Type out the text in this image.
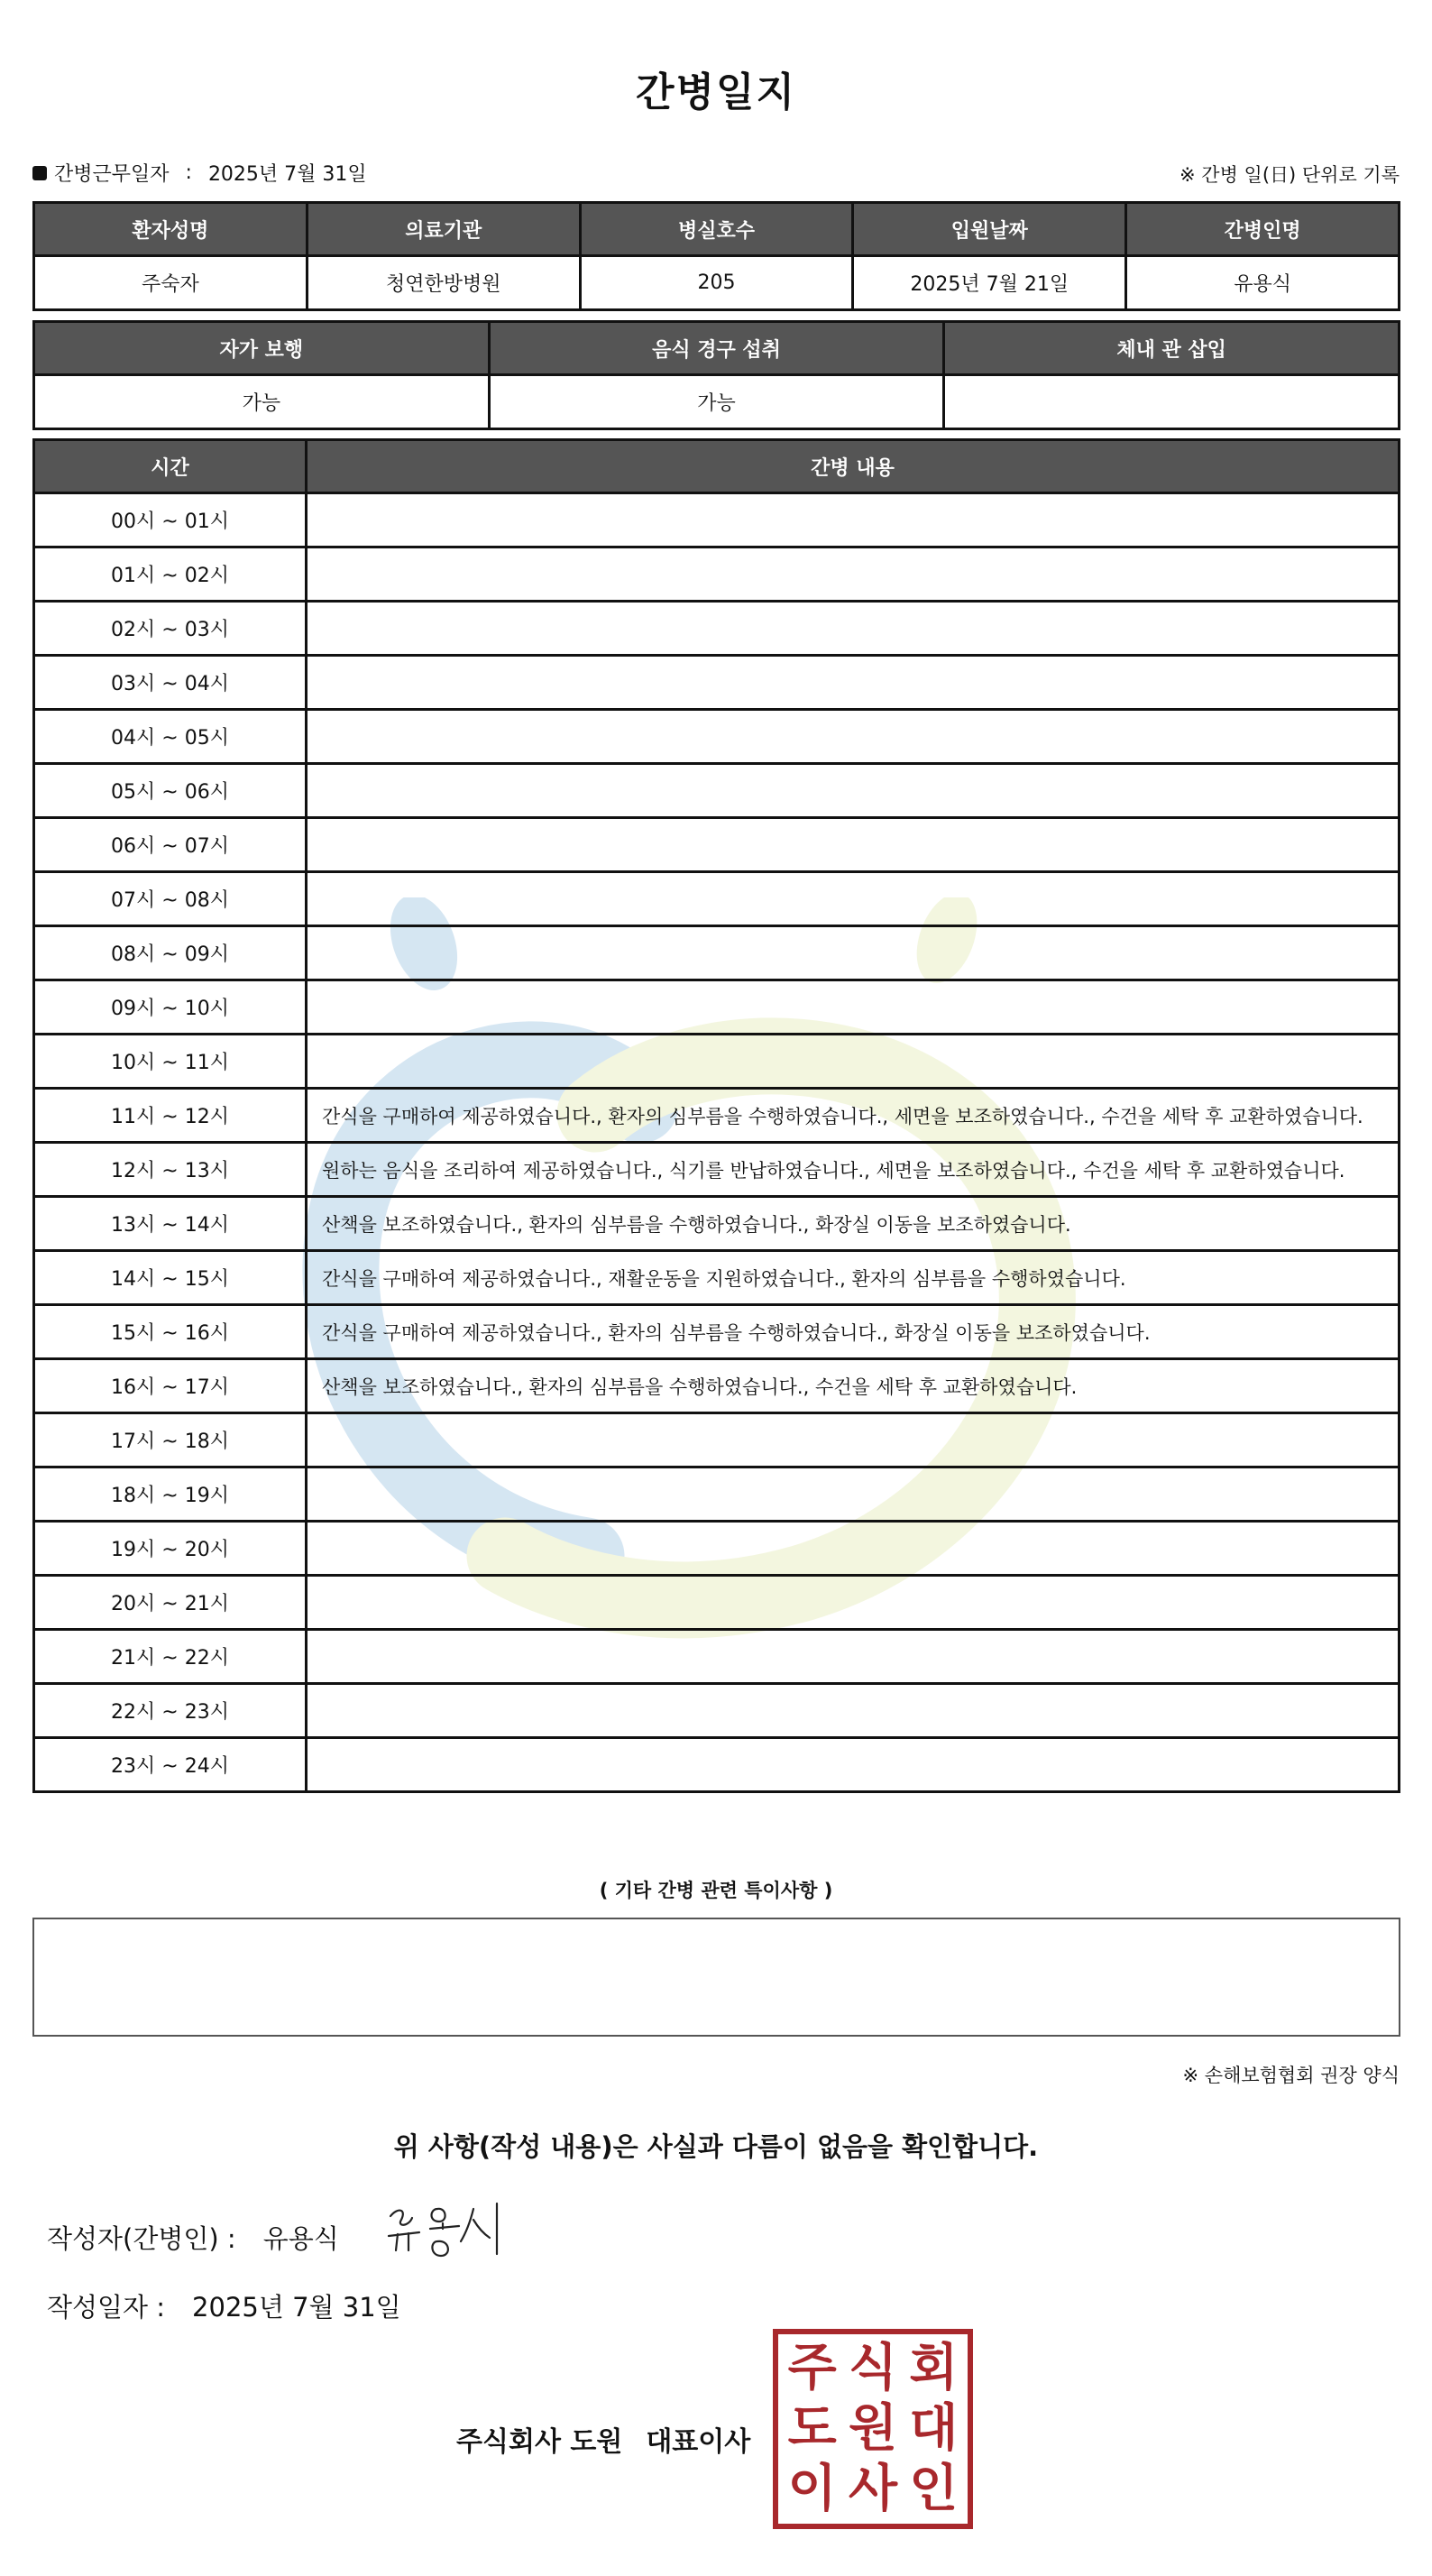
간병일지
간병근무일자 : 2025년 7월 31일	※ 간병 일(日) 단위로 기록
환자성명	의료기관	병실호수	입원날짜	간병인명
주숙자	청연한방병원	205	2025년 7월 21일	유용식
자가 보행	음식 경구 섭취	체내 관 삽입
가능	가능	
시간	간병 내용
00시 ~ 01시	
01시 ~ 02시	
02시 ~ 03시	
03시 ~ 04시	
04시 ~ 05시	
05시 ~ 06시	
06시 ~ 07시	
07시 ~ 08시	
08시 ~ 09시	
09시 ~ 10시	
10시 ~ 11시	
11시 ~ 12시	간식을 구매하여 제공하였습니다., 환자의 심부름을 수행하였습니다., 세면을 보조하였습니다., 수건을 세탁 후 교환하였습니다.
12시 ~ 13시	원하는 음식을 조리하여 제공하였습니다., 식기를 반납하였습니다., 세면을 보조하였습니다., 수건을 세탁 후 교환하였습니다.
13시 ~ 14시	산책을 보조하였습니다., 환자의 심부름을 수행하였습니다., 화장실 이동을 보조하였습니다.
14시 ~ 15시	간식을 구매하여 제공하였습니다., 재활운동을 지원하였습니다., 환자의 심부름을 수행하였습니다.
15시 ~ 16시	간식을 구매하여 제공하였습니다., 환자의 심부름을 수행하였습니다., 화장실 이동을 보조하였습니다.
16시 ~ 17시	산책을 보조하였습니다., 환자의 심부름을 수행하였습니다., 수건을 세탁 후 교환하였습니다.
17시 ~ 18시	
18시 ~ 19시	
19시 ~ 20시	
20시 ~ 21시	
21시 ~ 22시	
22시 ~ 23시	
23시 ~ 24시	
( 기타 간병 관련 특이사항 )
※ 손해보험협회 권장 양식
위 사항(작성 내용)은 사실과 다름이 없음을 확인합니다.
작성자(간병인) : 유용식
작성일자 : 2025년 7월 31일
주식회사 도원 대표이사
주 식 회
도 원 대
이 사 인
